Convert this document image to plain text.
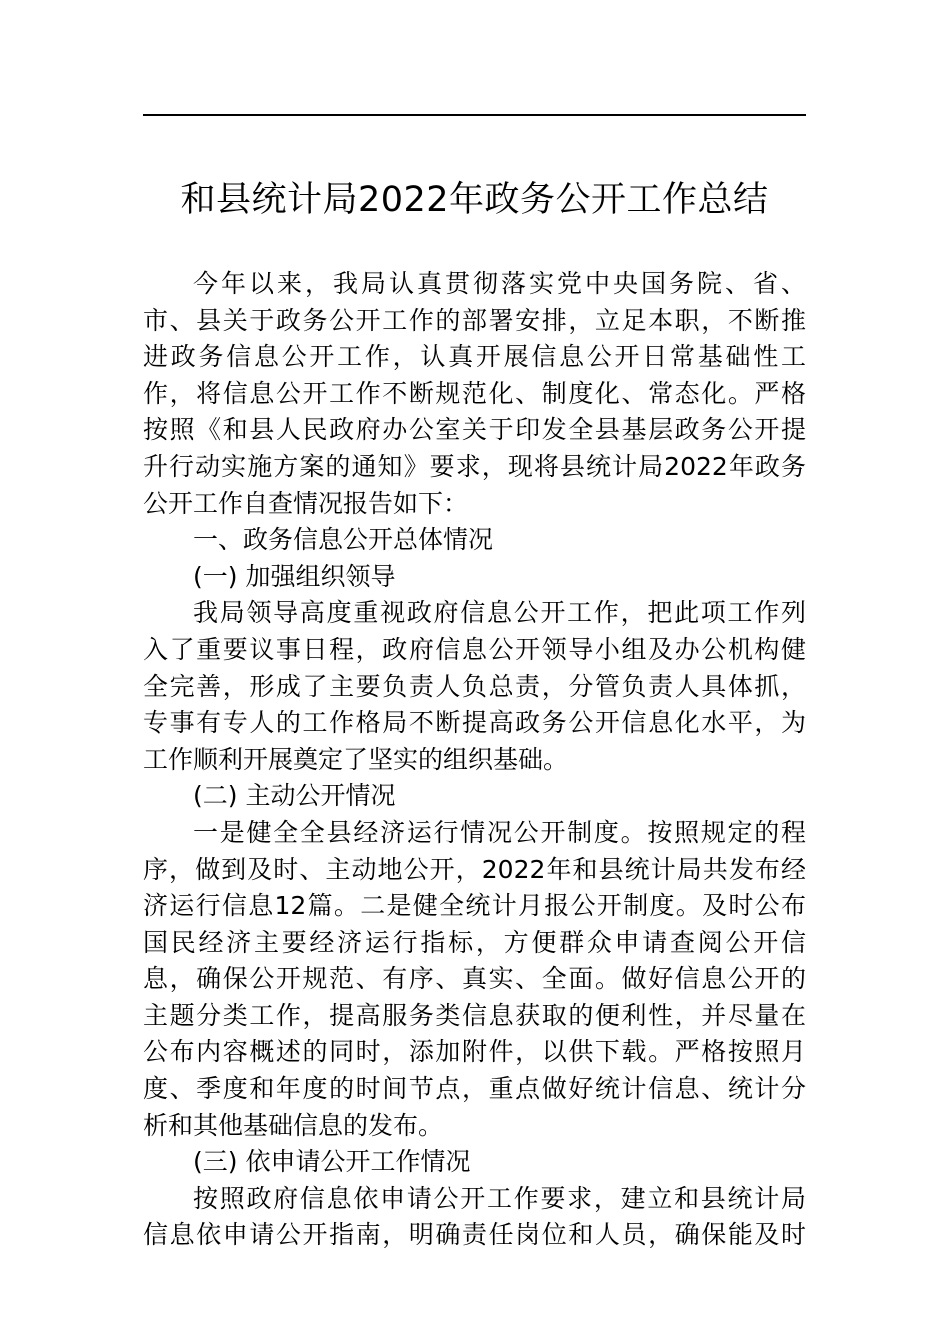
和县统计局2022年政务公开工作总结
今年以来，我局认真贯彻落实党中央国务院、省、
市、县关于政务公开工作的部署安排，立足本职，不断推
进政务信息公开工作，认真开展信息公开日常基础性工
作，将信息公开工作不断规范化、制度化、常态化。严格
按照《和县人民政府办公室关于印发全县基层政务公开提
升行动实施方案的通知》要求，现将县统计局2022年政务
公开工作自查情况报告如下：
一、政务信息公开总体情况
(一) 加强组织领导
我局领导高度重视政府信息公开工作，把此项工作列
入了重要议事日程，政府信息公开领导小组及办公机构健
全完善，形成了主要负责人负总责，分管负责人具体抓，
专事有专人的工作格局不断提高政务公开信息化水平，为
工作顺利开展奠定了坚实的组织基础。
(二) 主动公开情况
一是健全全县经济运行情况公开制度。按照规定的程
序，做到及时、主动地公开，2022年和县统计局共发布经
济运行信息12篇。二是健全统计月报公开制度。及时公布
国民经济主要经济运行指标，方便群众申请查阅公开信
息，确保公开规范、有序、真实、全面。做好信息公开的
主题分类工作，提高服务类信息获取的便利性，并尽量在
公布内容概述的同时，添加附件，以供下载。严格按照月
度、季度和年度的时间节点，重点做好统计信息、统计分
析和其他基础信息的发布。
(三) 依申请公开工作情况
按照政府信息依申请公开工作要求，建立和县统计局
信息依申请公开指南，明确责任岗位和人员，确保能及时
